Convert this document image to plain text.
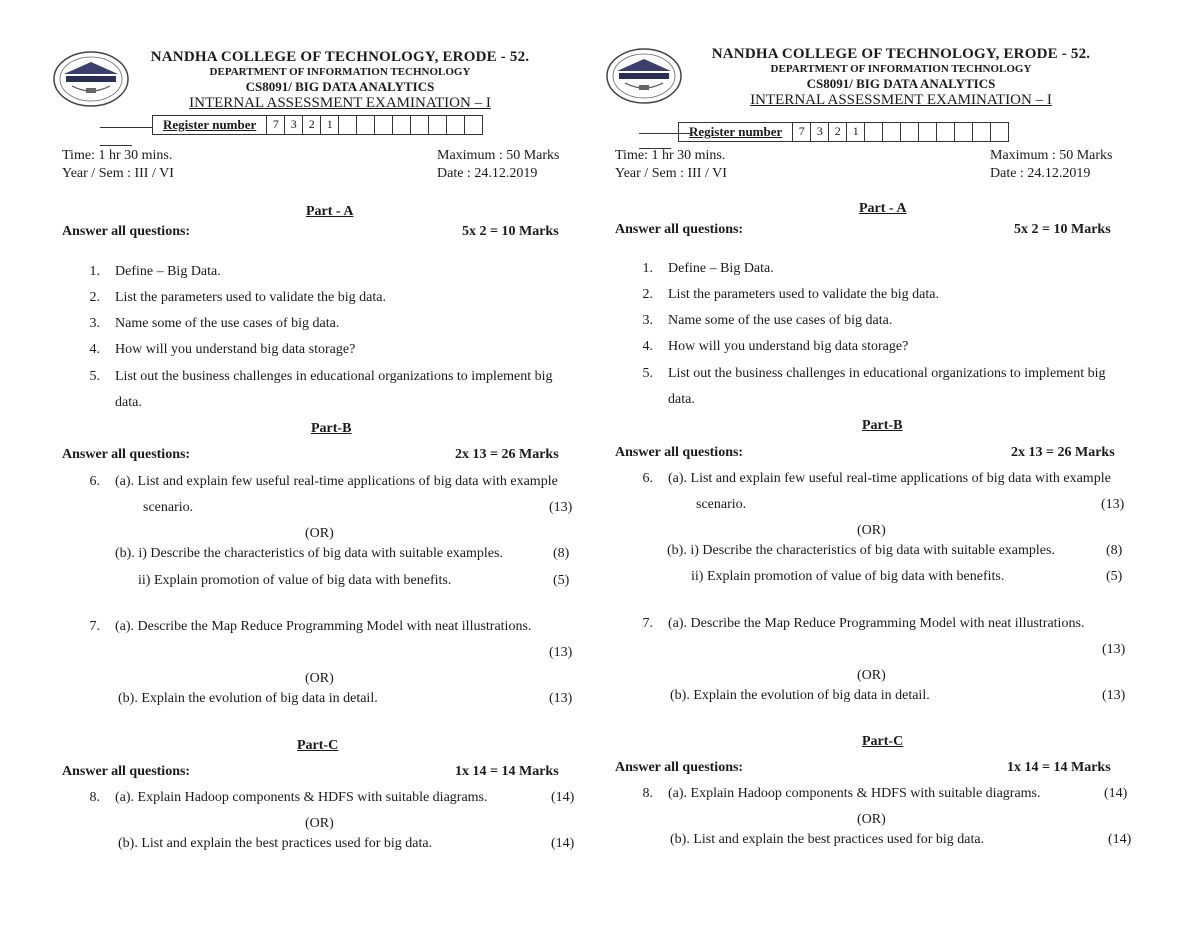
NANDHA COLLEGE OF TECHNOLOGY, ERODE - 52.
DEPARTMENT OF INFORMATION TECHNOLOGY
CS8091/ BIG DATA ANALYTICS
INTERNAL ASSESSMENT EXAMINATION – I
Register number	7	3	2	1
Time: 1 hr 30 mins.	Maximum : 50 Marks
Year / Sem : III / VI	Date : 24.12.2019
Part - A
Answer all questions:	5x 2 = 10 Marks
1. Define – Big Data.
2. List the parameters used to validate the big data.
3. Name some of the use cases of big data.
4. How will you understand big data storage?
5. List out the business challenges in educational organizations to implement big
data.
Part-B
Answer all questions:	2x 13 = 26 Marks
6. (a). List and explain few useful real-time applications of big data with example
scenario.	(13)
(OR)
(b). i) Describe the characteristics of big data with suitable examples.	(8)
ii) Explain promotion of value of big data with benefits.	(5)
7. (a). Describe the Map Reduce Programming Model with neat illustrations.
(13)
(OR)
(b). Explain the evolution of big data in detail.	(13)
Part-C
Answer all questions:	1x 14 = 14 Marks
8. (a). Explain Hadoop components & HDFS with suitable diagrams.	(14)
(OR)
(b). List and explain the best practices used for big data.	(14)
NANDHA COLLEGE OF TECHNOLOGY, ERODE - 52.
DEPARTMENT OF INFORMATION TECHNOLOGY
CS8091/ BIG DATA ANALYTICS
INTERNAL ASSESSMENT EXAMINATION – I
Register number	7	3	2	1
Time: 1 hr 30 mins.	Maximum : 50 Marks
Year / Sem : III / VI	Date : 24.12.2019
Part - A
Answer all questions:	5x 2 = 10 Marks
1. Define – Big Data.
2. List the parameters used to validate the big data.
3. Name some of the use cases of big data.
4. How will you understand big data storage?
5. List out the business challenges in educational organizations to implement big
data.
Part-B
Answer all questions:	2x 13 = 26 Marks
6. (a). List and explain few useful real-time applications of big data with example
scenario.	(13)
(OR)
(b). i) Describe the characteristics of big data with suitable examples.	(8)
ii) Explain promotion of value of big data with benefits.	(5)
7. (a). Describe the Map Reduce Programming Model with neat illustrations.
(13)
(OR)
(b). Explain the evolution of big data in detail.	(13)
Part-C
Answer all questions:	1x 14 = 14 Marks
8. (a). Explain Hadoop components & HDFS with suitable diagrams.	(14)
(OR)
(b). List and explain the best practices used for big data.	(14)
